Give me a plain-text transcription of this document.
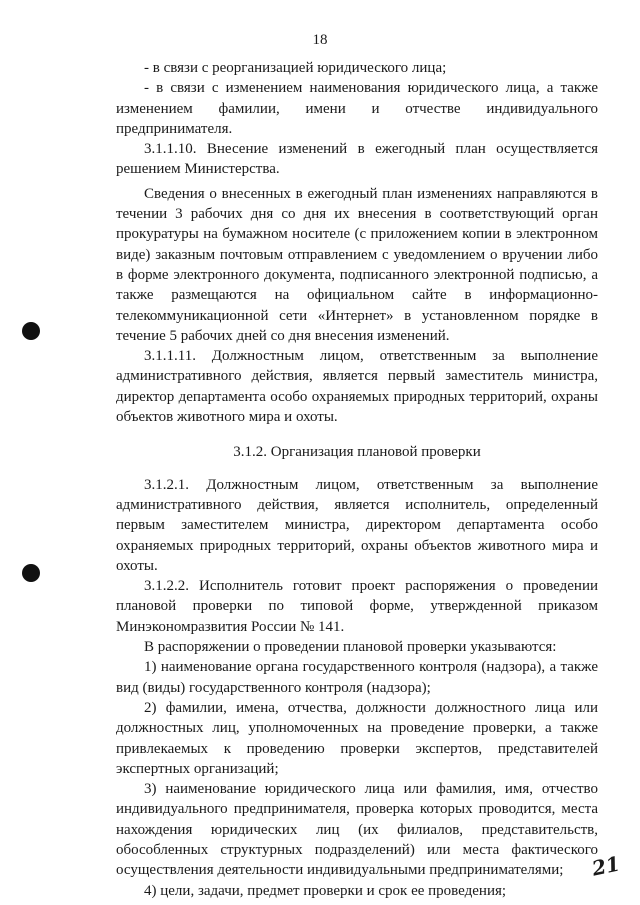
18

- в связи с реорганизацией юридического лица;

- в связи с изменением наименования юридического лица, а также изменением фамилии, имени и отчестве индивидуального предпринимателя.

3.1.1.10. Внесение изменений в ежегодный план осуществляется решением Министерства.

Сведения о внесенных в ежегодный план изменениях направляются в течении 3 рабочих дня со дня их внесения в соответствующий орган прокуратуры на бумажном носителе (с приложением копии в электронном виде) заказным почтовым отправлением с уведомлением о вручении либо в форме электронного документа, подписанного электронной подписью, а также размещаются на официальном сайте в информационно-телекоммуникационной сети «Интернет» в установленном порядке в течение 5 рабочих дней со дня внесения изменений.

3.1.1.11. Должностным лицом, ответственным за выполнение административного действия, является первый заместитель министра, директор департамента особо охраняемых природных территорий, охраны объектов животного мира и охоты.

3.1.2. Организация плановой проверки

3.1.2.1. Должностным лицом, ответственным за выполнение административного действия, является исполнитель, определенный первым заместителем министра, директором департамента особо охраняемых природных территорий, охраны объектов животного мира и охоты.

3.1.2.2. Исполнитель готовит проект распоряжения о проведении плановой проверки по типовой форме, утвержденной приказом Минэкономразвития России № 141.

В распоряжении о проведении плановой проверки указываются:

1) наименование органа государственного контроля (надзора), а также вид (виды) государственного контроля (надзора);

2) фамилии, имена, отчества, должности должностного лица или должностных лиц, уполномоченных на проведение проверки, а также привлекаемых к проведению проверки экспертов, представителей экспертных организаций;

3) наименование юридического лица или фамилия, имя, отчество индивидуального предпринимателя, проверка которых проводится, места нахождения юридических лиц (их филиалов, представительств, обособленных структурных подразделений) или места фактического осуществления деятельности индивидуальными предпринимателями;

4) цели, задачи, предмет проверки и срок ее проведения;

21
